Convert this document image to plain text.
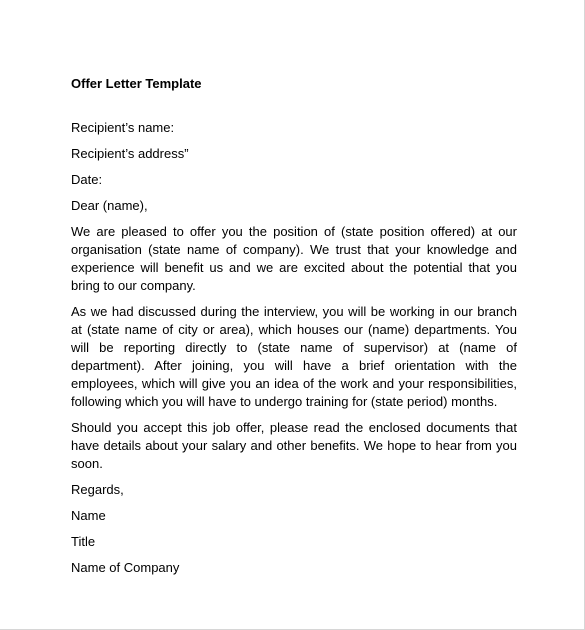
Offer Letter Template
Recipient’s name:
Recipient’s address”
Date:
Dear (name),
We are pleased to offer you the position of (state position offered) at our organisation (state name of company). We trust that your knowledge and experience will benefit us and we are excited about the potential that you bring to our company.
As we had discussed during the interview, you will be working in our branch at (state name of city or area), which houses our (name) departments. You will be reporting directly to (state name of supervisor) at (name of department). After joining, you will have a brief orientation with the employees, which will give you an idea of the work and your responsibilities, following which you will have to undergo training for (state period) months.
Should you accept this job offer, please read the enclosed documents that have details about your salary and other benefits. We hope to hear from you soon.
Regards,
Name
Title
Name of Company
